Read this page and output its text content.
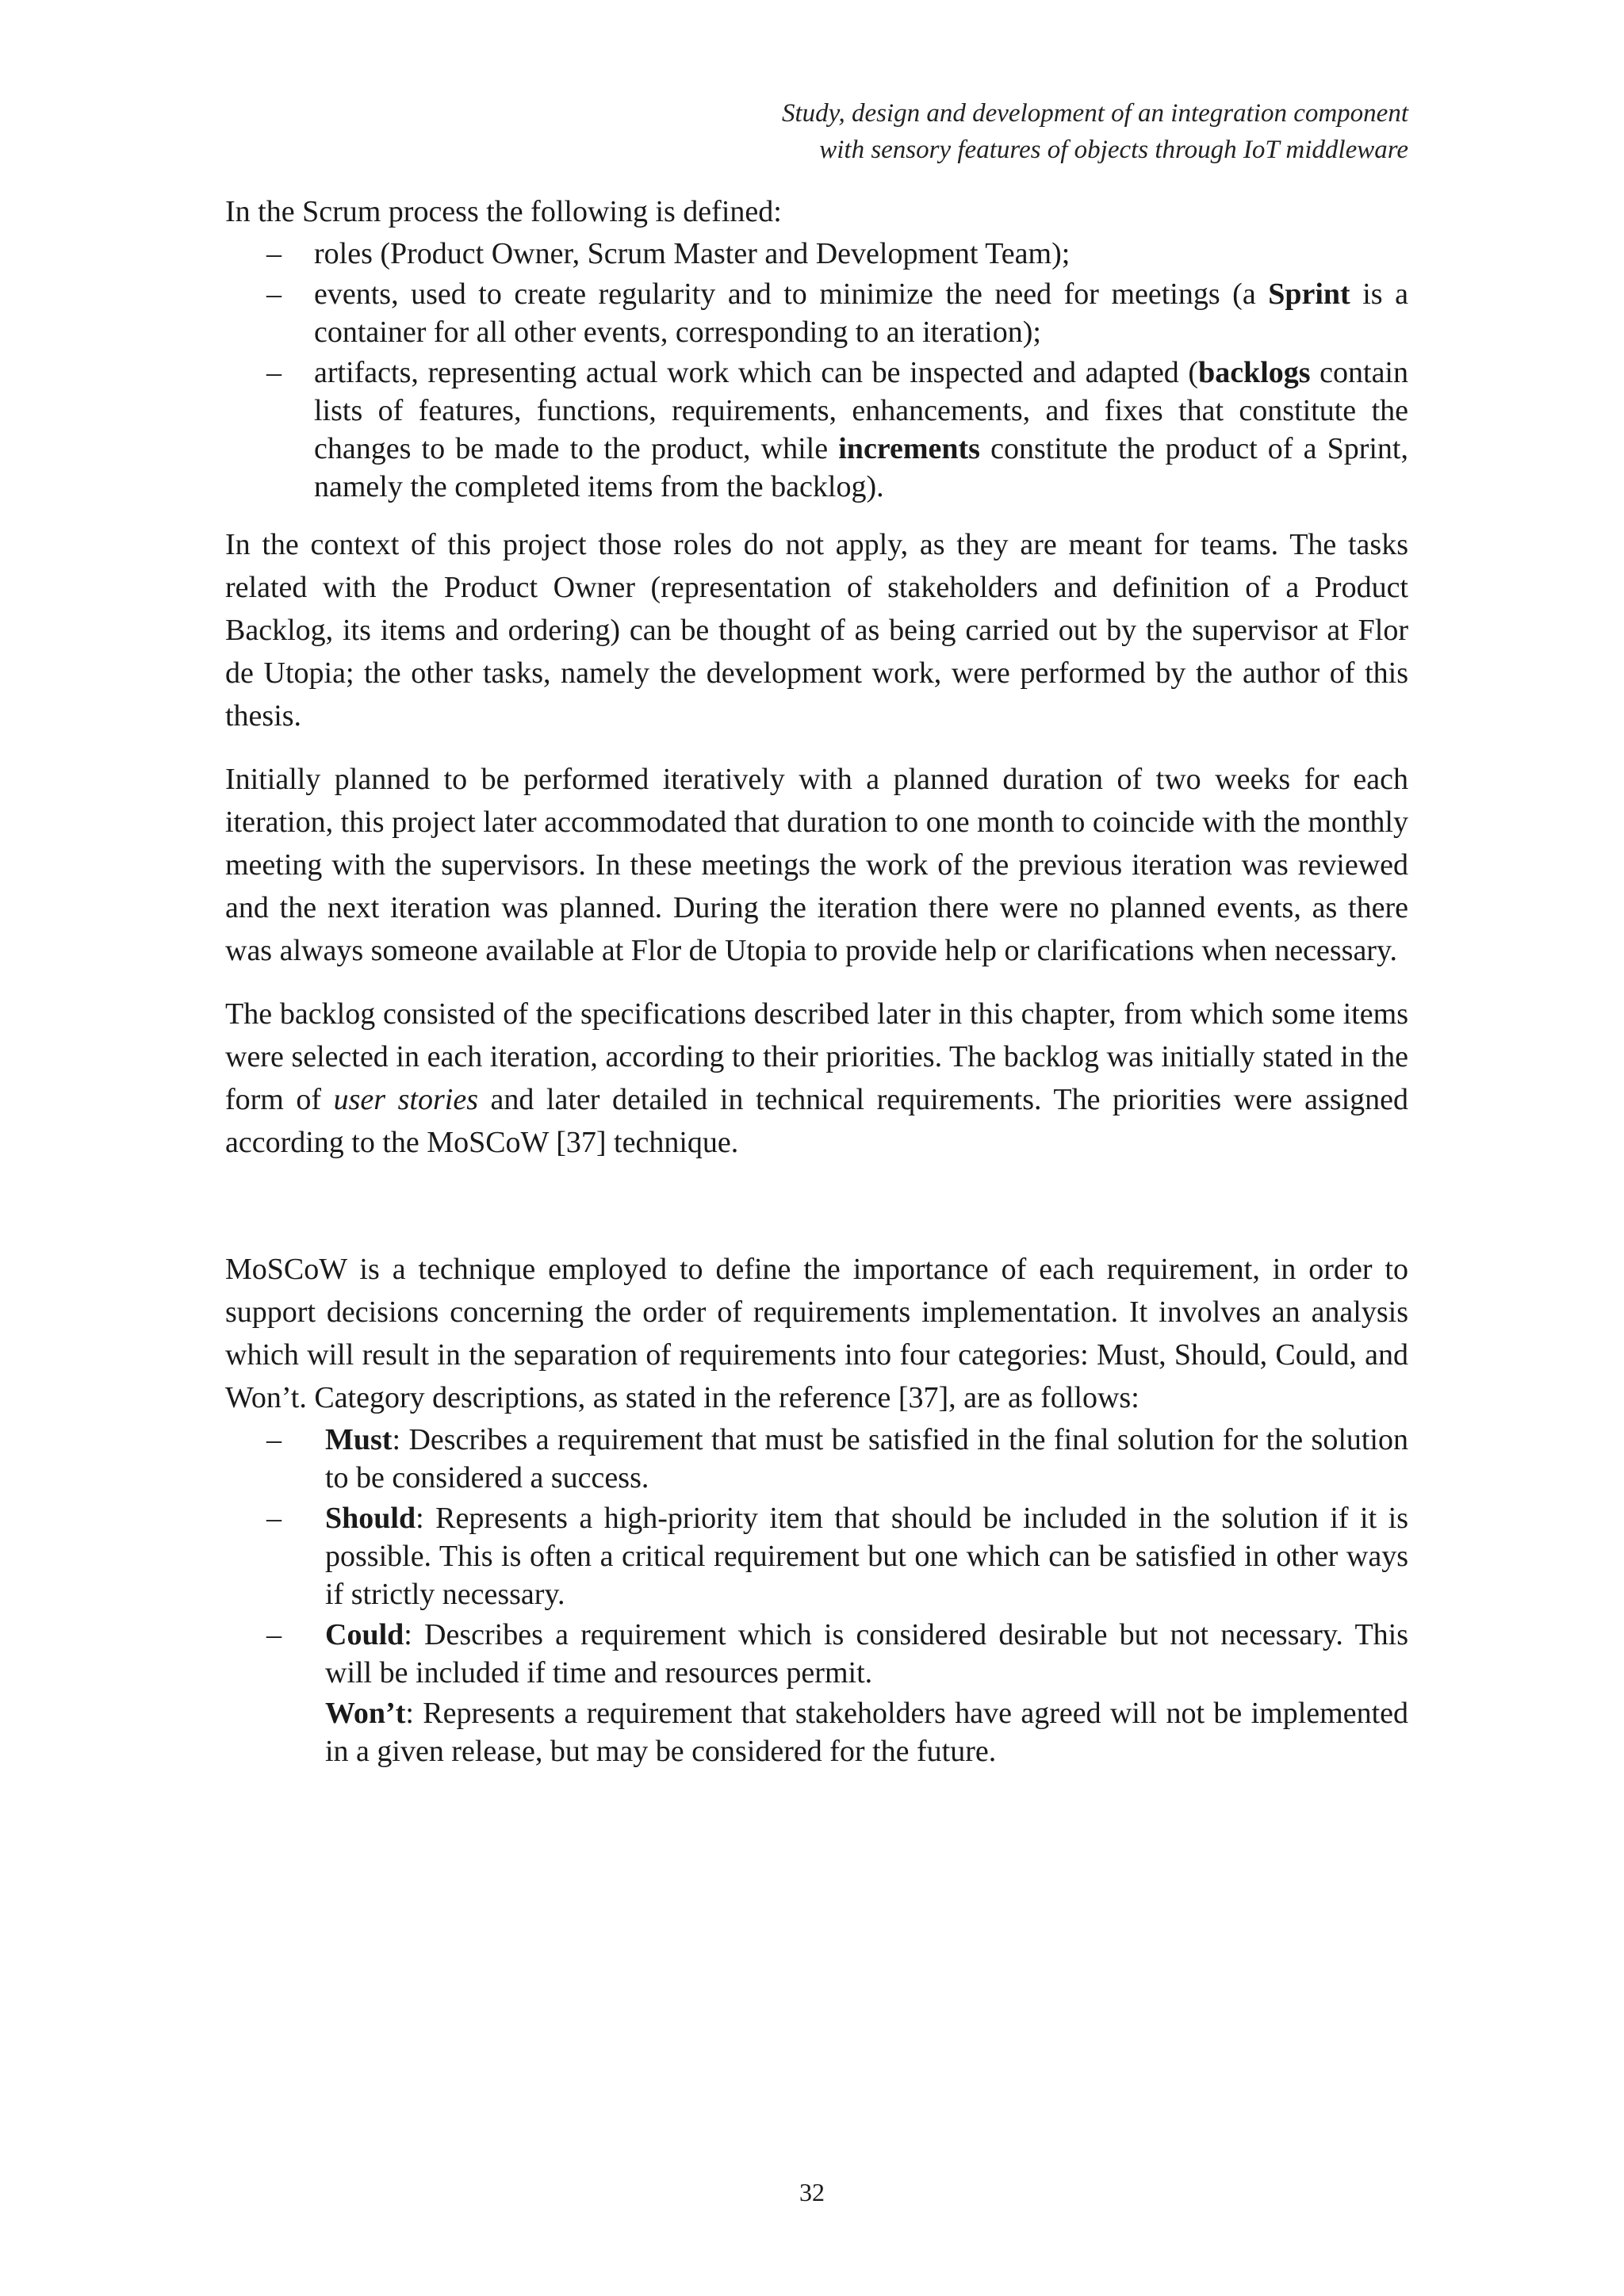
Study, design and development of an integration component
with sensory features of objects through IoT middleware

In the Scrum process the following is defined:

– roles (Product Owner, Scrum Master and Development Team);
– events, used to create regularity and to minimize the need for meetings (a Sprint is a container for all other events, corresponding to an iteration);
– artifacts, representing actual work which can be inspected and adapted (backlogs contain lists of features, functions, requirements, enhancements, and fixes that constitute the changes to be made to the product, while increments constitute the product of a Sprint, namely the completed items from the backlog).

In the context of this project those roles do not apply, as they are meant for teams. The tasks related with the Product Owner (representation of stakeholders and definition of a Product Backlog, its items and ordering) can be thought of as being carried out by the supervisor at Flor de Utopia; the other tasks, namely the development work, were performed by the author of this thesis.

Initially planned to be performed iteratively with a planned duration of two weeks for each iteration, this project later accommodated that duration to one month to coincide with the monthly meeting with the supervisors. In these meetings the work of the previous iteration was reviewed and the next iteration was planned. During the iteration there were no planned events, as there was always someone available at Flor de Utopia to provide help or clarifications when necessary.

The backlog consisted of the specifications described later in this chapter, from which some items were selected in each iteration, according to their priorities. The backlog was initially stated in the form of user stories and later detailed in technical requirements. The priorities were assigned according to the MoSCoW [37] technique.

MoSCoW is a technique employed to define the importance of each requirement, in order to support decisions concerning the order of requirements implementation. It involves an analysis which will result in the separation of requirements into four categories: Must, Should, Could, and Won’t. Category descriptions, as stated in the reference [37], are as follows:

– Must: Describes a requirement that must be satisfied in the final solution for the solution to be considered a success.
– Should: Represents a high-priority item that should be included in the solution if it is possible. This is often a critical requirement but one which can be satisfied in other ways if strictly necessary.
– Could: Describes a requirement which is considered desirable but not necessary. This will be included if time and resources permit.
Won’t: Represents a requirement that stakeholders have agreed will not be implemented in a given release, but may be considered for the future.
32
